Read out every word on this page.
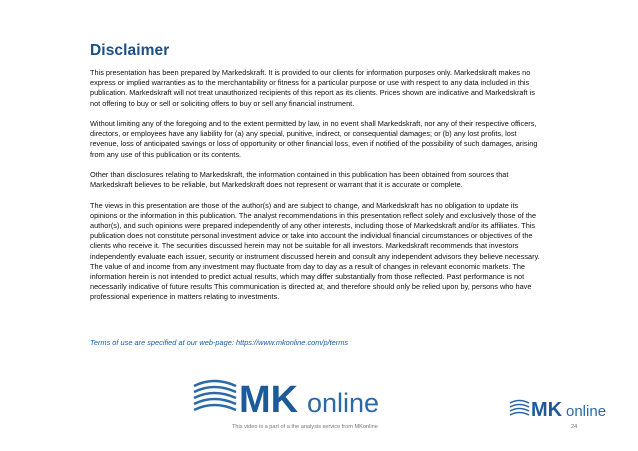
Disclaimer

This presentation has been prepared by Markedskraft. It is provided to our clients for information purposes only. Markedskraft makes no express or implied warranties as to the merchantability or fitness for a particular purpose or use with respect to any data included in this publication. Markedskraft will not treat unauthorized recipients of this report as its clients. Prices shown are indicative and Markedskraft is not offering to buy or sell or soliciting offers to buy or sell any financial instrument.

Without limiting any of the foregoing and to the extent permitted by law, in no event shall Markedskraft, nor any of their respective officers, directors, or employees have any liability for (a) any special, punitive, indirect, or consequential damages; or (b) any lost profits, lost revenue, loss of anticipated savings or loss of opportunity or other financial loss, even if notified of the possibility of such damages, arising from any use of this publication or its contents.

Other than disclosures relating to Markedskraft, the information contained in this publication has been obtained from sources that Markedskraft believes to be reliable, but Markedskraft does not represent or warrant that it is accurate or complete.

The views in this presentation are those of the author(s) and are subject to change, and Markedskraft has no obligation to update its opinions or the information in this publication. The analyst recommendations in this presentation reflect solely and exclusively those of the author(s), and such opinions were prepared independently of any other interests, including those of Markedskraft and/or its affiliates. This publication does not constitute personal investment advice or take into account the individual financial circumstances or objectives of the clients who receive it. The securities discussed herein may not be suitable for all investors. Markedskraft recommends that investors independently evaluate each issuer, security or instrument discussed herein and consult any independent advisors they believe necessary. The value of and income from any investment may fluctuate from day to day as a result of changes in relevant economic markets. The information herein is not intended to predict actual results, which may differ substantially from those reflected. Past performance is not necessarily indicative of future results This communication is directed at, and therefore should only be relied upon by, persons who have professional experience in matters relating to investments.

Terms of use are specified at our web-page: https://www.mkonline.com/p/terms
MK online	MK online
This video is a part of a the analysis service from MKonline	24
